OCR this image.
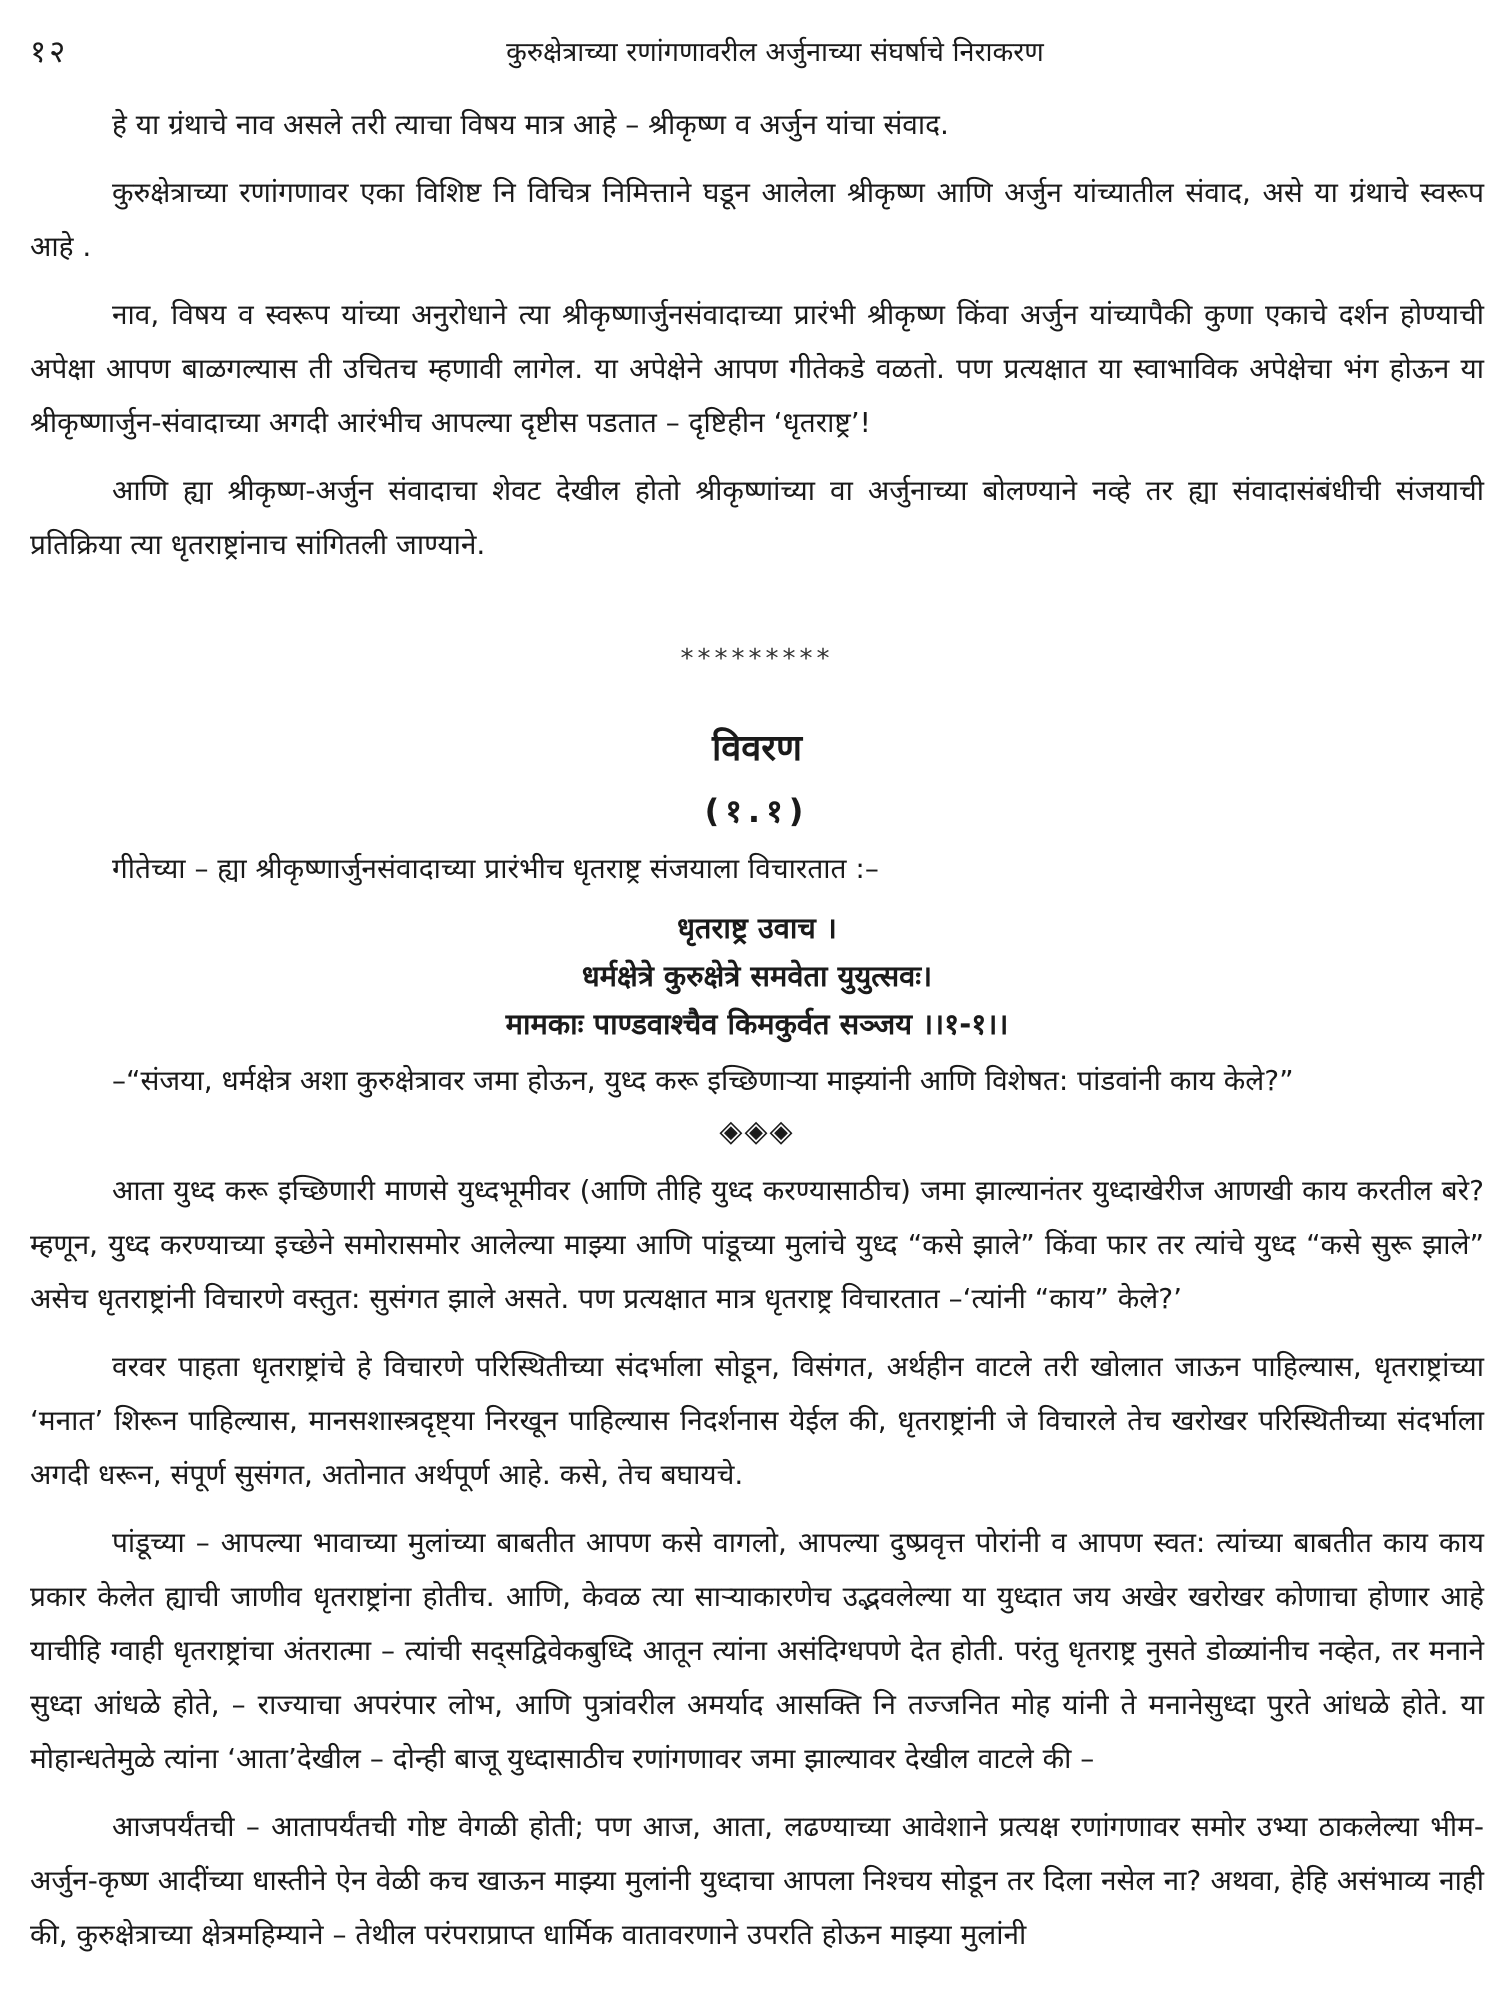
१२	कुरुक्षेत्राच्या रणांगणावरील अर्जुनाच्या संघर्षाचे निराकरण

हे या ग्रंथाचे नाव असले तरी त्याचा विषय मात्र आहे – श्रीकृष्ण व अर्जुन यांचा संवाद.

कुरुक्षेत्राच्या रणांगणावर एका विशिष्ट नि विचित्र निमित्ताने घडून आलेला श्रीकृष्ण आणि अर्जुन यांच्यातील संवाद, असे या ग्रंथाचे स्वरूप आहे .

नाव, विषय व स्वरूप यांच्या अनुरोधाने त्या श्रीकृष्णार्जुनसंवादाच्या प्रारंभी श्रीकृष्ण किंवा अर्जुन यांच्यापैकी कुणा एकाचे दर्शन होण्याची अपेक्षा आपण बाळगल्यास ती उचितच म्हणावी लागेल. या अपेक्षेने आपण गीतेकडे वळतो. पण प्रत्यक्षात या स्वाभाविक अपेक्षेचा भंग होऊन या श्रीकृष्णार्जुन-संवादाच्या अगदी आरंभीच आपल्या दृष्टीस पडतात – दृष्टिहीन ‘धृतराष्ट्र’!

आणि ह्या श्रीकृष्ण-अर्जुन संवादाचा शेवट देखील होतो श्रीकृष्णांच्या वा अर्जुनाच्या बोलण्याने नव्हे तर ह्या संवादासंबंधीची संजयाची प्रतिक्रिया त्या धृतराष्ट्रांनाच सांगितली जाण्याने.

*********
विवरण
(१.१)

गीतेच्या – ह्या श्रीकृष्णार्जुनसंवादाच्या प्रारंभीच धृतराष्ट्र संजयाला विचारतात :–

धृतराष्ट्र उवाच ।
धर्मक्षेत्रे कुरुक्षेत्रे समवेता युयुत्सवः।
मामकाः पाण्डवाश्चैव किमकुर्वत सञ्जय ।।१-१।।

–“संजया, धर्मक्षेत्र अशा कुरुक्षेत्रावर जमा होऊन, युध्द करू इच्छिणाऱ्या माझ्यांनी आणि विशेषत: पांडवांनी काय केले?”

◈◈◈

आता युध्द करू इच्छिणारी माणसे युध्दभूमीवर (आणि तीहि युध्द करण्यासाठीच) जमा झाल्यानंतर युध्दाखेरीज आणखी काय करतील बरे? म्हणून, युध्द करण्याच्या इच्छेने समोरासमोर आलेल्या माझ्या आणि पांडूच्या मुलांचे युध्द “कसे झाले” किंवा फार तर त्यांचे युध्द “कसे सुरू झाले” असेच धृतराष्ट्रांनी विचारणे वस्तुत: सुसंगत झाले असते. पण प्रत्यक्षात मात्र धृतराष्ट्र विचारतात –‘त्यांनी “काय” केले?’

वरवर पाहता धृतराष्ट्रांचे हे विचारणे परिस्थितीच्या संदर्भाला सोडून, विसंगत, अर्थहीन वाटले तरी खोलात जाऊन पाहिल्यास, धृतराष्ट्रांच्या ‘मनात’ शिरून पाहिल्यास, मानसशास्त्रदृष्ट्या निरखून पाहिल्यास निदर्शनास येईल की, धृतराष्ट्रांनी जे विचारले तेच खरोखर परिस्थितीच्या संदर्भाला अगदी धरून, संपूर्ण सुसंगत, अतोनात अर्थपूर्ण आहे. कसे, तेच बघायचे.

पांडूच्या – आपल्या भावाच्या मुलांच्या बाबतीत आपण कसे वागलो, आपल्या दुष्प्रवृत्त पोरांनी व आपण स्वत: त्यांच्या बाबतीत काय काय प्रकार केलेत ह्याची जाणीव धृतराष्ट्रांना होतीच. आणि, केवळ त्या साऱ्याकारणेच उद्भवलेल्या या युध्दात जय अखेर खरोखर कोणाचा होणार आहे याचीहि ग्वाही धृतराष्ट्रांचा अंतरात्मा – त्यांची सद्सद्विवेकबुध्दि आतून त्यांना असंदिग्धपणे देत होती. परंतु धृतराष्ट्र नुसते डोळ्यांनीच नव्हेत, तर मनाने सुध्दा आंधळे होते, – राज्याचा अपरंपार लोभ, आणि पुत्रांवरील अमर्याद आसक्ति नि तज्जनित मोह यांनी ते मनानेसुध्दा पुरते आंधळे होते. या मोहान्धतेमुळे त्यांना ‘आता’देखील – दोन्ही बाजू युध्दासाठीच रणांगणावर जमा झाल्यावर देखील वाटले की –

आजपर्यंतची – आतापर्यंतची गोष्ट वेगळी होती; पण आज, आता, लढण्याच्या आवेशाने प्रत्यक्ष रणांगणावर समोर उभ्या ठाकलेल्या भीम-अर्जुन-कृष्ण आदींच्या धास्तीने ऐन वेळी कच खाऊन माझ्या मुलांनी युध्दाचा आपला निश्चय सोडून तर दिला नसेल ना? अथवा, हेहि असंभाव्य नाही की, कुरुक्षेत्राच्या क्षेत्रमहिम्याने – तेथील परंपराप्राप्त धार्मिक वातावरणाने उपरति होऊन माझ्या मुलांनी
